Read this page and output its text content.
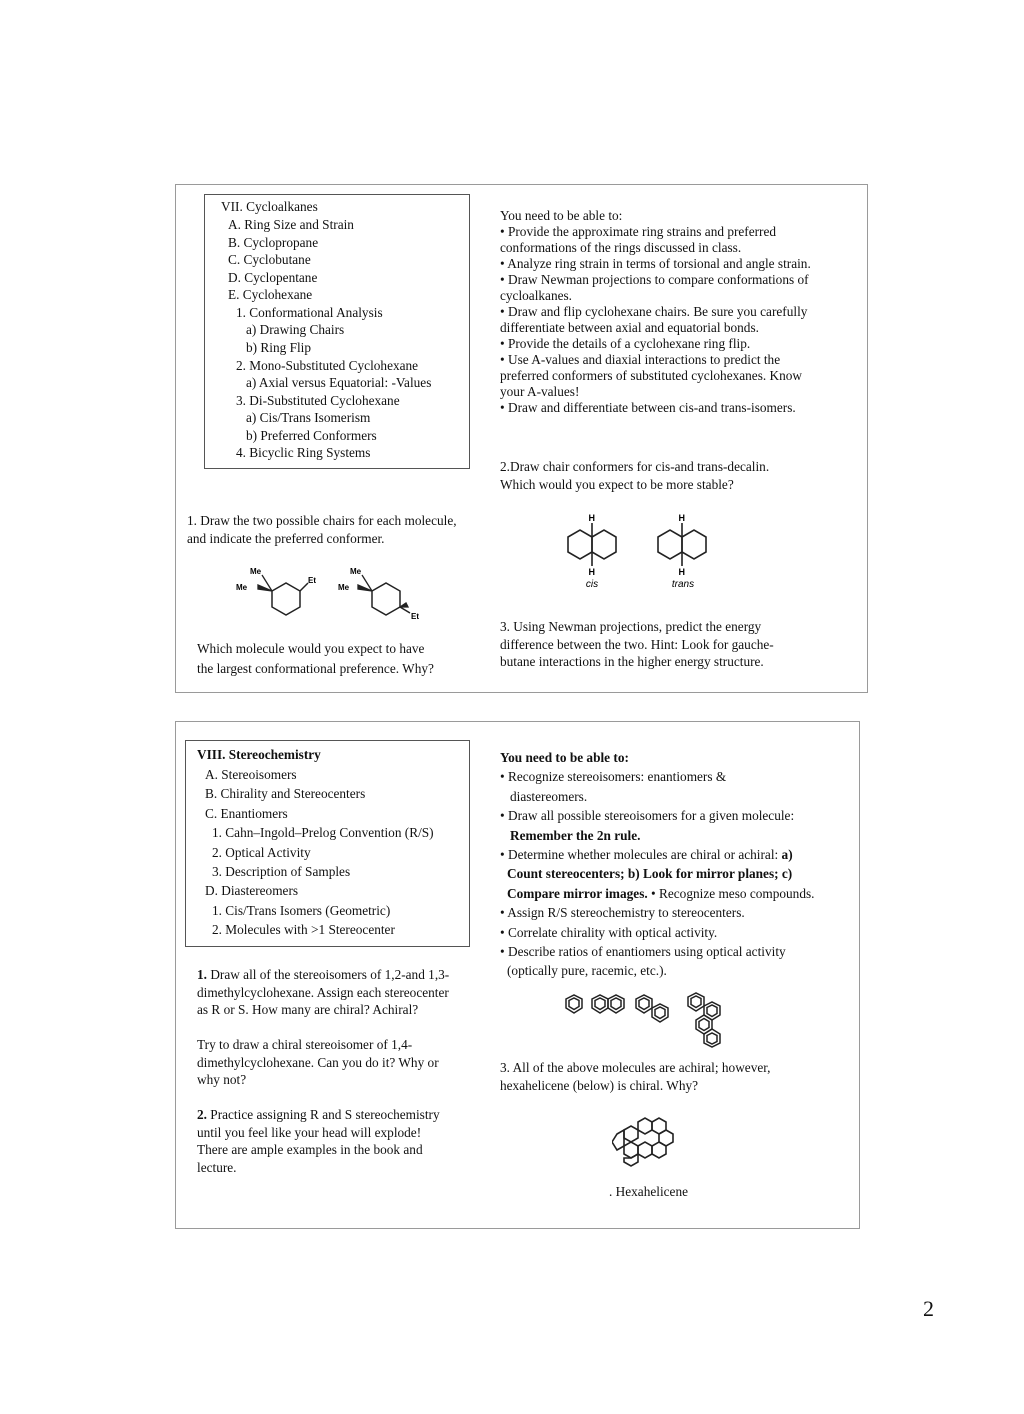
VII. Cycloalkanes
A. Ring Size and Strain
B. Cyclopropane
C. Cyclobutane
D. Cyclopentane
E. Cyclohexane
1. Conformational Analysis
a) Drawing Chairs
b) Ring Flip
2. Mono-Substituted Cyclohexane
a) Axial versus Equatorial: -Values
3. Di-Substituted Cyclohexane
a) Cis/Trans Isomerism
b) Preferred Conformers
4. Bicyclic Ring Systems
You need to be able to:
• Provide the approximate ring strains and preferred
conformations of the rings discussed in class.
• Analyze ring strain in terms of torsional and angle strain.
• Draw Newman projections to compare conformations of
cycloalkanes.
• Draw and flip cyclohexane chairs. Be sure you carefully
differentiate between axial and equatorial bonds.
• Provide the details of a cyclohexane ring flip.
• Use A-values and diaxial interactions to predict the
preferred conformers of substituted cyclohexanes. Know
your A-values!
• Draw and differentiate between cis-and trans-isomers.
2.Draw chair conformers for cis-and trans-decalin.
Which would you expect to be more stable?
1. Draw the two possible chairs for each molecule,
and indicate the preferred conformer.
Me
Me
Et
Me
Me
Et
H
H
H
H
cis	trans
3. Using Newman projections, predict the energy
difference between the two. Hint: Look for gauche-
butane interactions in the higher energy structure.
Which molecule would you expect to have
the largest conformational preference. Why?
VIII. Stereochemistry
A. Stereoisomers
B. Chirality and Stereocenters
C. Enantiomers
1. Cahn–Ingold–Prelog Convention (R/S)
2. Optical Activity
3. Description of Samples
D. Diastereomers
1. Cis/Trans Isomers (Geometric)
2. Molecules with >1 Stereocenter
You need to be able to:
• Recognize stereoisomers: enantiomers &
diastereomers.
• Draw all possible stereoisomers for a given molecule:
Remember the 2n rule.
• Determine whether molecules are chiral or achiral: a)
Count stereocenters; b) Look for mirror planes; c)
Compare mirror images. • Recognize meso compounds.
• Assign R/S stereochemistry to stereocenters.
• Correlate chirality with optical activity.
• Describe ratios of enantiomers using optical activity
(optically pure, racemic, etc.).
1. Draw all of the stereoisomers of 1,2-and 1,3-
dimethylcyclohexane. Assign each stereocenter
as R or S. How many are chiral? Achiral?
Try to draw a chiral stereoisomer of 1,4-
dimethylcyclohexane. Can you do it? Why or
why not?
3. All of the above molecules are achiral; however,
hexahelicene (below) is chiral. Why?
2. Practice assigning R and S stereochemistry
until you feel like your head will explode!
There are ample examples in the book and
lecture.
. Hexahelicene
2
